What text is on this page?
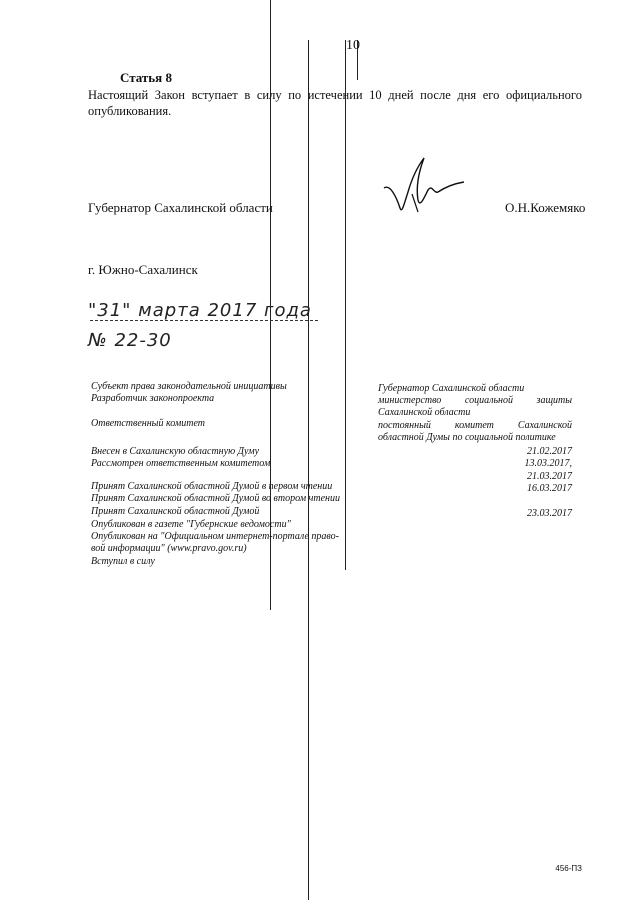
10
Статья 8
Настоящий Закон вступает в силу по истечении 10 дней после дня его официального опубликования.
Губернатор Сахалинской области	О.Н.Кожемяко
г. Южно-Сахалинск
"31" марта 2017 года
№ 22-30
Субъект права законодательной инициативы
Разработчик законопроекта
Ответственный комитет
Внесен в Сахалинскую областную Думу
Рассмотрен ответственным комитетом
Принят Сахалинской областной Думой в первом чтении
Принят Сахалинской областной Думой во втором чтении
Принят Сахалинской областной Думой
Опубликован в газете "Губернские ведомости"
Опубликован на "Официальном интернет-портале право-
вой информации" (www.pravo.gov.ru)
Вступил в силу
Губернатор Сахалинской области
министерство социальной защиты
Сахалинской области
постоянный комитет Сахалинской
областной Думы по социальной политике
21.02.2017
13.03.2017,
21.03.2017
16.03.2017
23.03.2017
456-ПЗ
